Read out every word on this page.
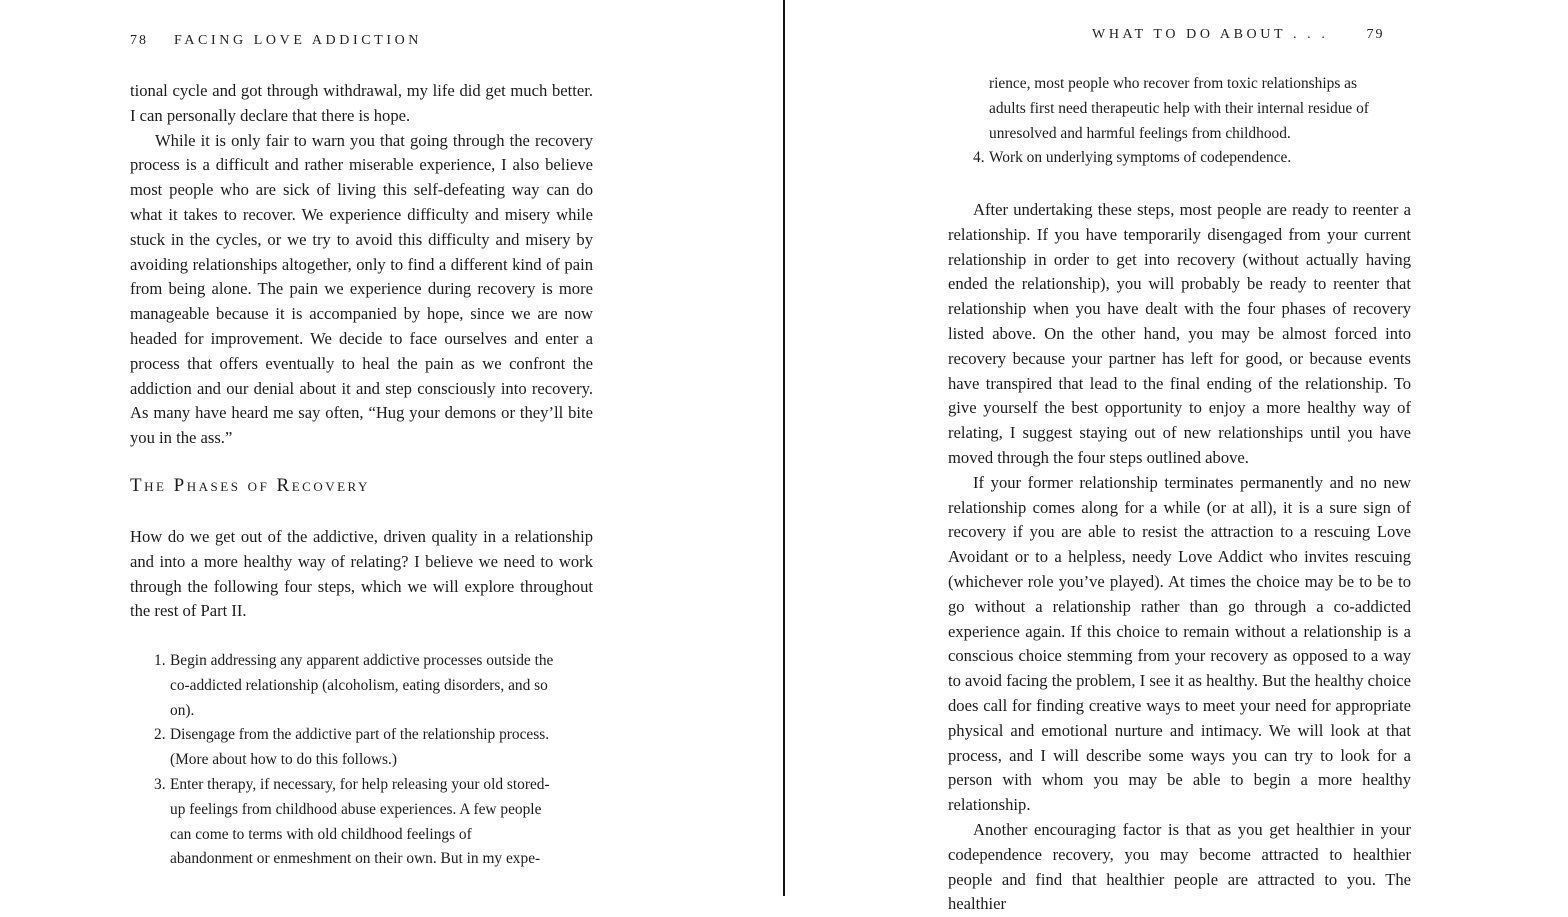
78 FACING LOVE ADDICTION

tional cycle and got through withdrawal, my life did get much better. I can personally declare that there is hope.

While it is only fair to warn you that going through the recovery process is a difficult and rather miserable experience, I also believe most people who are sick of living this self-defeating way can do what it takes to recover. We experience difficulty and misery while stuck in the cycles, or we try to avoid this difficulty and misery by avoiding relationships altogether, only to find a different kind of pain from being alone. The pain we experience during recovery is more manageable because it is accompanied by hope, since we are now headed for improvement. We decide to face ourselves and enter a process that offers eventually to heal the pain as we confront the addiction and our denial about it and step consciously into recovery. As many have heard me say often, “Hug your demons or they’ll bite you in the ass.”

The Phases of Recovery
How do we get out of the addictive, driven quality in a relationship and into a more healthy way of relating? I believe we need to work through the following four steps, which we will explore throughout the rest of Part II.
1. Begin addressing any apparent addictive processes outside the co-addicted relationship (alcoholism, eating disorders, and so on).
2. Disengage from the addictive part of the relationship process. (More about how to do this follows.)
3. Enter therapy, if necessary, for help releasing your old stored-up feelings from childhood abuse experiences. A few people can come to terms with old childhood feelings of abandonment or enmeshment on their own. But in my expe-
WHAT TO DO ABOUT . . .	79
rience, most people who recover from toxic relationships as adults first need therapeutic help with their internal residue of unresolved and harmful feelings from childhood.
4. Work on underlying symptoms of codependence.

After undertaking these steps, most people are ready to reenter a relationship. If you have temporarily disengaged from your current relationship in order to get into recovery (without actually having ended the relationship), you will probably be ready to reenter that relationship when you have dealt with the four phases of recovery listed above. On the other hand, you may be almost forced into recovery because your partner has left for good, or because events have transpired that lead to the final ending of the relationship. To give yourself the best opportunity to enjoy a more healthy way of relating, I suggest staying out of new relationships until you have moved through the four steps outlined above.

If your former relationship terminates permanently and no new relationship comes along for a while (or at all), it is a sure sign of recovery if you are able to resist the attraction to a rescuing Love Avoidant or to a helpless, needy Love Addict who invites rescuing (whichever role you’ve played). At times the choice may be to be to go without a relationship rather than go through a co-addicted experience again. If this choice to remain without a relationship is a conscious choice stemming from your recovery as opposed to a way to avoid facing the problem, I see it as healthy. But the healthy choice does call for finding creative ways to meet your need for appropriate physical and emotional nurture and intimacy. We will look at that process, and I will describe some ways you can try to look for a person with whom you may be able to begin a more healthy relationship.

Another encouraging factor is that as you get healthier in your codependence recovery, you may become attracted to healthier people and find that healthier people are attracted to you. The healthier
